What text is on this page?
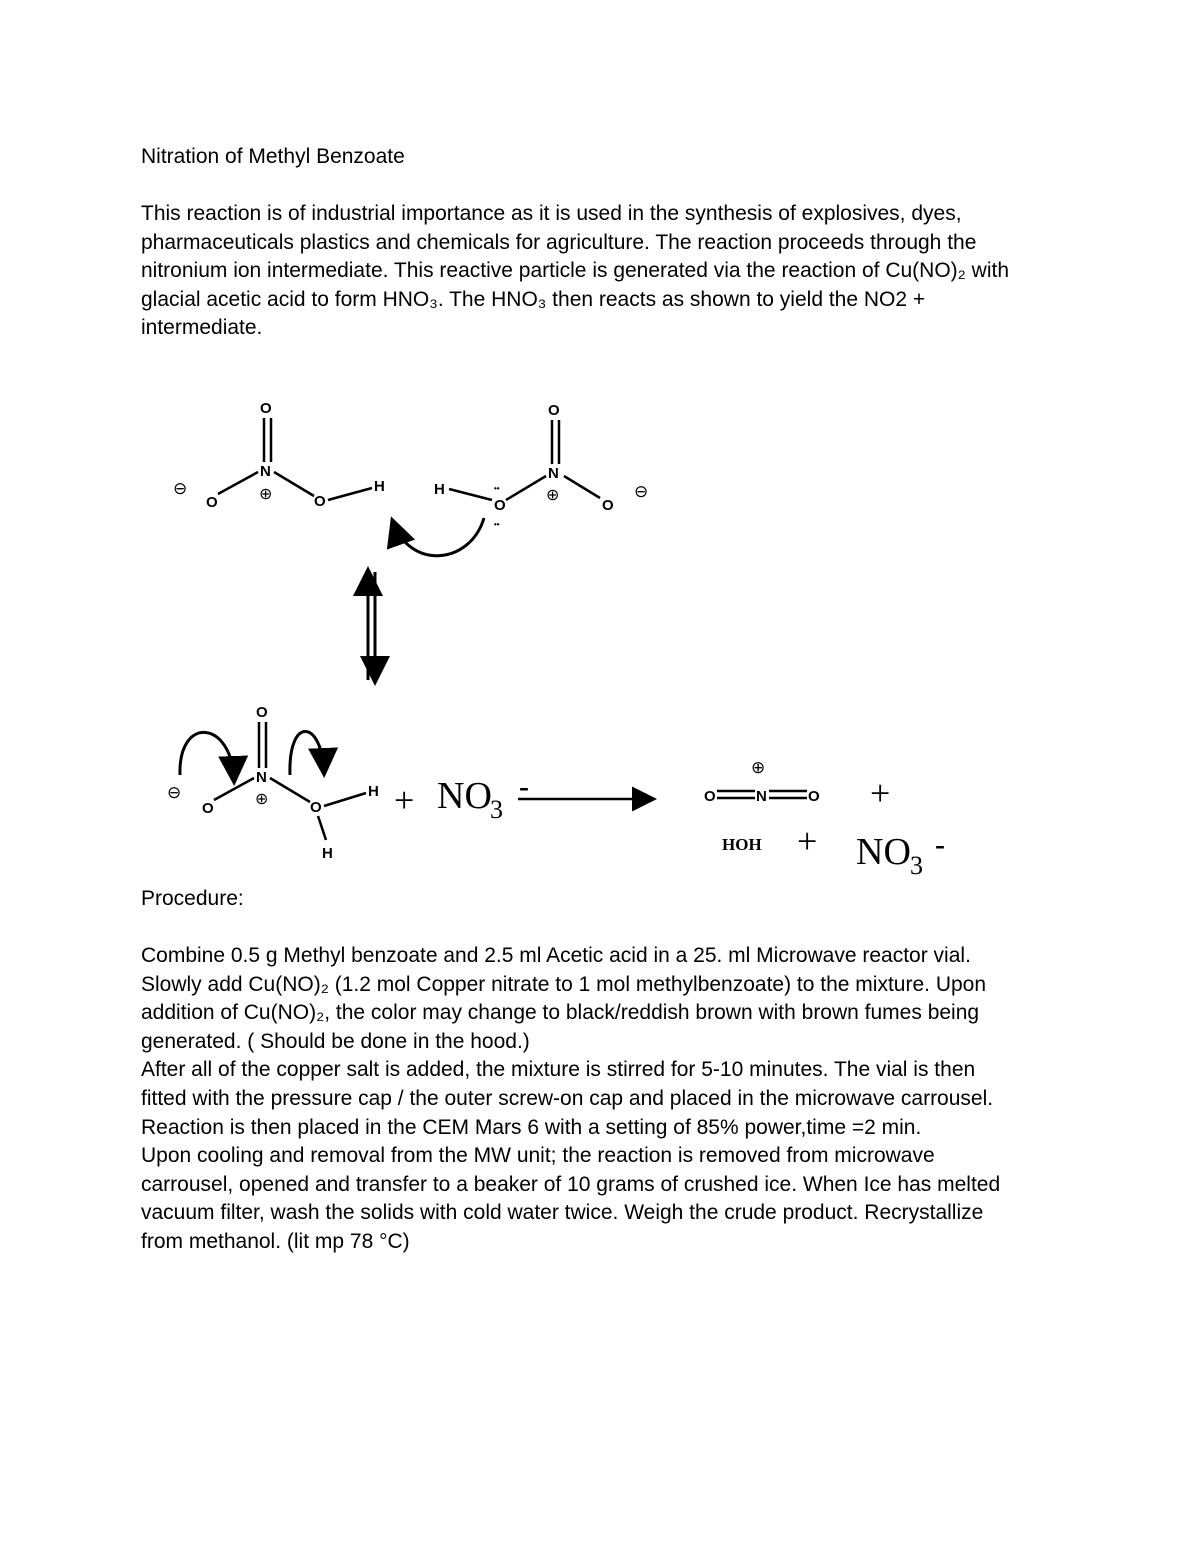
Nitration of Methyl Benzoate
This reaction is of industrial importance as it is used in the synthesis of explosives, dyes,
pharmaceuticals plastics and chemicals for agriculture. The reaction proceeds through the
nitronium ion intermediate. This reactive particle is generated via the reaction of Cu(NO)₂ with
glacial acetic acid to form HNO₃. The HNO₃ then reacts as shown to yield the NO2 +
intermediate.
O
N
⊕
O
⊖
O
H
O
N
⊕
H	••
O
••
O
⊖
O
N
⊕
O
⊖
O
H
H
+ NO
3
-
⊕
O	N	O +
HOH + NO 3
-
Procedure:
Combine 0.5 g Methyl benzoate and 2.5 ml Acetic acid in a 25. ml Microwave reactor vial.
Slowly add Cu(NO)₂ (1.2 mol Copper nitrate to 1 mol methylbenzoate) to the mixture. Upon
addition of Cu(NO)₂, the color may change to black/reddish brown with brown fumes being
generated. ( Should be done in the hood.)
After all of the copper salt is added, the mixture is stirred for 5-10 minutes. The vial is then
fitted with the pressure cap / the outer screw-on cap and placed in the microwave carrousel.
Reaction is then placed in the CEM Mars 6 with a setting of 85% power,time =2 min.
Upon cooling and removal from the MW unit; the reaction is removed from microwave
carrousel, opened and transfer to a beaker of 10 grams of crushed ice. When Ice has melted
vacuum filter, wash the solids with cold water twice. Weigh the crude product. Recrystallize
from methanol. (lit mp 78 °C)
